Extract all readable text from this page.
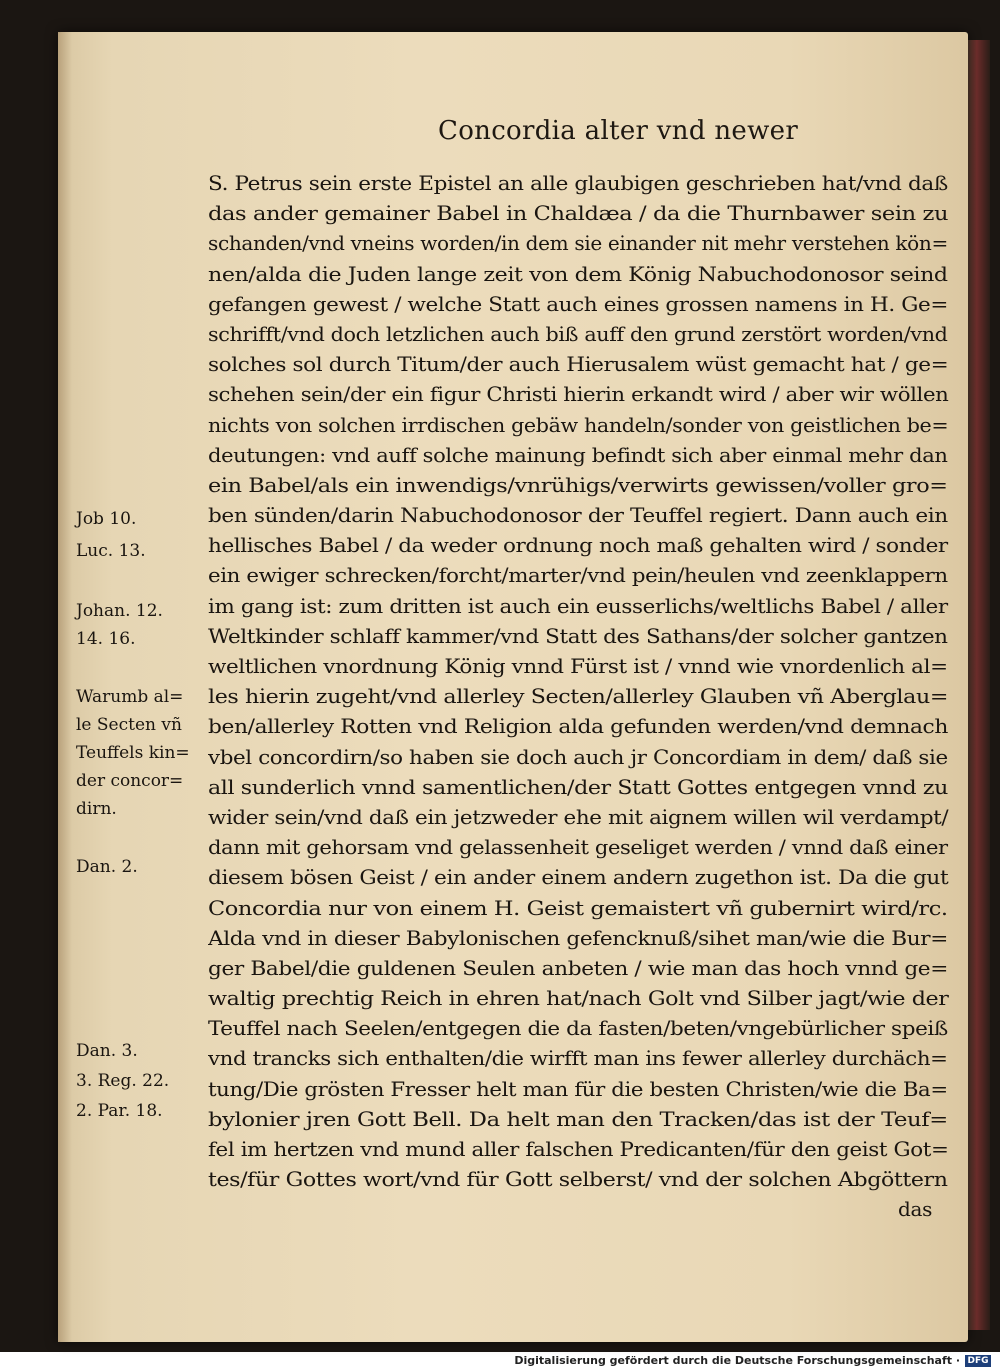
Concordia alter vnd newer
S. Petrus sein erste Epistel an alle glaubigen geschrieben hat/vnd daß
das ander gemainer Babel in Chaldæa / da die Thurnbawer sein zu
schanden/vnd vneins worden/in dem sie einander nit mehr verstehen kön=
nen/alda die Juden lange zeit von dem König Nabuchodonosor seind
gefangen gewest / welche Statt auch eines grossen namens in H. Ge=
schrifft/vnd doch letzlichen auch biß auff den grund zerstört worden/vnd
solches sol durch Titum/der auch Hierusalem wüst gemacht hat / ge=
schehen sein/der ein figur Christi hierin erkandt wird / aber wir wöllen
nichts von solchen irrdischen gebäw handeln/sonder von geistlichen be=
deutungen: vnd auff solche mainung befindt sich aber einmal mehr dan
ein Babel/als ein inwendigs/vnrühigs/verwirts gewissen/voller gro=
ben sünden/darin Nabuchodonosor der Teuffel regiert. Dann auch ein
hellisches Babel / da weder ordnung noch maß gehalten wird / sonder
ein ewiger schrecken/forcht/marter/vnd pein/heulen vnd zeenklappern
im gang ist: zum dritten ist auch ein eusserlichs/weltlichs Babel / aller
Weltkinder schlaff kammer/vnd Statt des Sathans/der solcher gantzen
weltlichen vnordnung König vnnd Fürst ist / vnnd wie vnordenlich al=
les hierin zugeht/vnd allerley Secten/allerley Glauben vñ Aberglau=
ben/allerley Rotten vnd Religion alda gefunden werden/vnd demnach
vbel concordirn/so haben sie doch auch jr Concordiam in dem/ daß sie
all sunderlich vnnd samentlichen/der Statt Gottes entgegen vnnd zu
wider sein/vnd daß ein jetzweder ehe mit aignem willen wil verdampt/
dann mit gehorsam vnd gelassenheit geseliget werden / vnnd daß einer
diesem bösen Geist / ein ander einem andern zugethon ist. Da die gut
Concordia nur von einem H. Geist gemaistert vñ gubernirt wird/rc.
Alda vnd in dieser Babylonischen gefencknuß/sihet man/wie die Bur=
ger Babel/die guldenen Seulen anbeten / wie man das hoch vnnd ge=
waltig prechtig Reich in ehren hat/nach Golt vnd Silber jagt/wie der
Teuffel nach Seelen/entgegen die da fasten/beten/vngebürlicher speiß
vnd trancks sich enthalten/die wirfft man ins fewer allerley durchäch=
tung/Die grösten Fresser helt man für die besten Christen/wie die Ba=
bylonier jren Gott Bell. Da helt man den Tracken/das ist der Teuf=
fel im hertzen vnd mund aller falschen Predicanten/für den geist Got=
tes/für Gottes wort/vnd für Gott selberst/ vnd der solchen Abgöttern
das
Job 10.
Luc. 13.
Johan. 12.
14. 16.
Warumb al=
le Secten vñ
Teuffels kin=
der concor=
dirn.
Dan. 2.
Dan. 3.
3. Reg. 22.
2. Par. 18.
Digitalisierung gefördert durch die Deutsche Forschungsgemeinschaft · DFG
